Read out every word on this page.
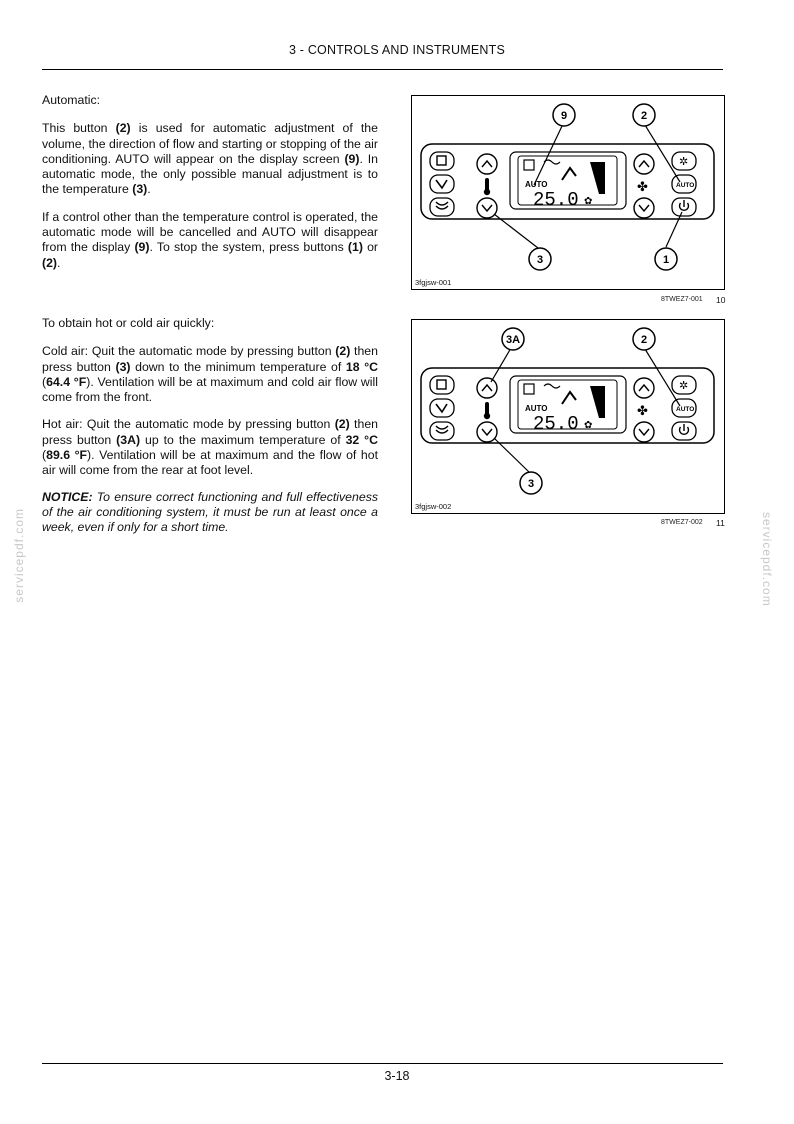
3 - CONTROLS AND INSTRUMENTS
servicepdf.com	servicepdf.com

Automatic:

This button (2) is used for automatic adjustment of the volume, the direction of flow and starting or stopping of the air conditioning. AUTO will appear on the display screen (9). In automatic mode, the only possible manual adjustment is to the temperature (3).

If a control other than the temperature control is operated, the automatic mode will be cancelled and AUTO will disappear from the display (9). To stop the system, press buttons (1) or (2).

To obtain hot or cold air quickly:

Cold air: Quit the automatic mode by pressing button (2) then press button (3) down to the minimum temperature of 18 °C (64.4 °F). Ventilation will be at maximum and cold air flow will come from the front.

Hot air: Quit the automatic mode by pressing button (2) then press button (3A) up to the maximum temperature of 32 °C (89.6 °F). Ventilation will be at maximum and the flow of hot air will come from the rear at foot level.

NOTICE: To ensure correct functioning and full effectiveness of the air conditioning system, it must be run at least once a week, even if only for a short time.

AUTO
25.0 ✿
✤
✲
AUTO
9	2
3	1
3fgjsw-001
8TWEZ7-001 10
AUTO
25.0 ✿
✤
✲
AUTO
3A	2
3
3fgjsw-002
8TWEZ7-002 11
3-18
